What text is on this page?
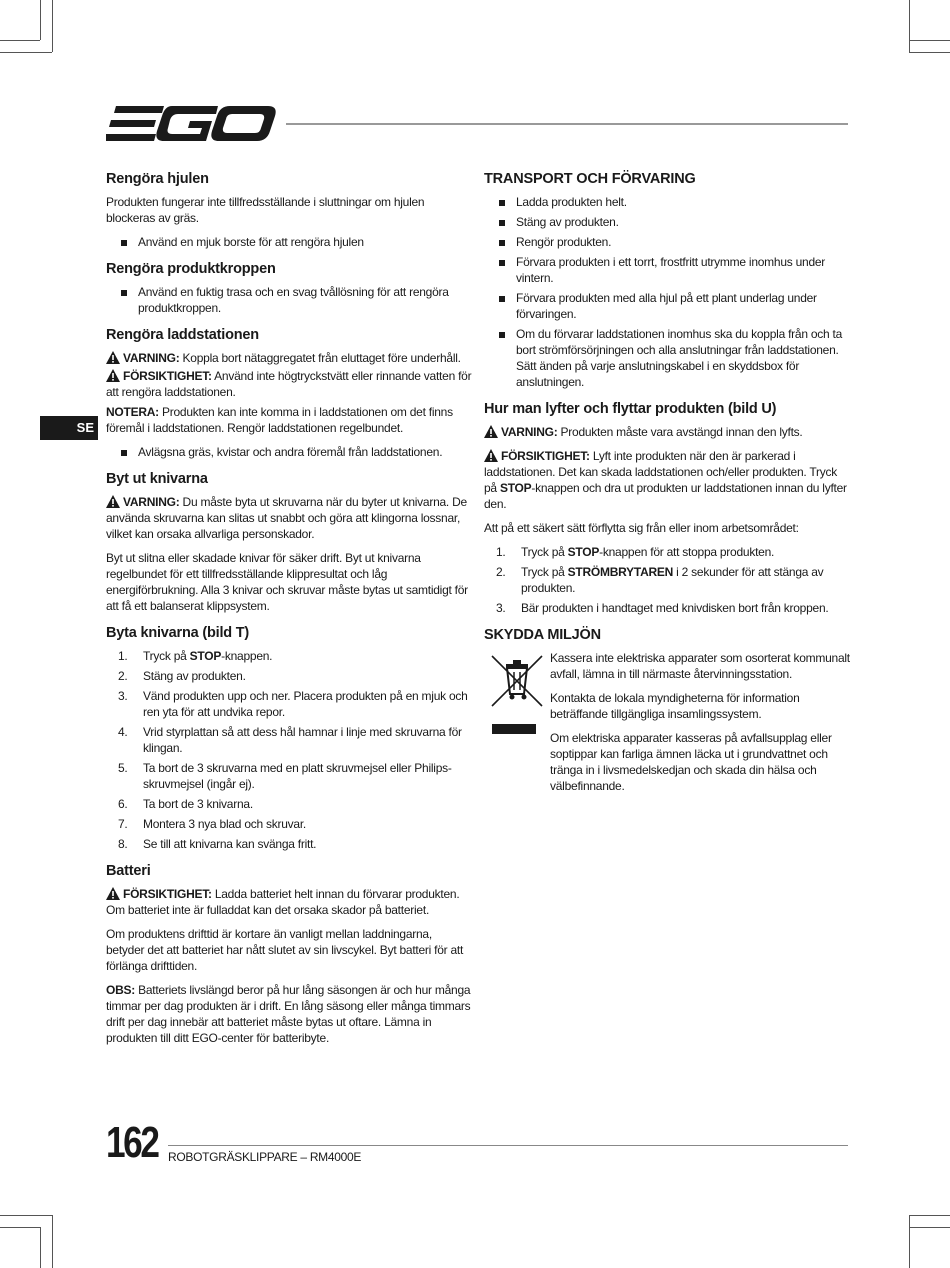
SE
Rengöra hjulen

Produkten fungerar inte tillfredsställande i sluttningar om hjulen blockeras av gräs.

Använd en mjuk borste för att rengöra hjulen
Rengöra produktkroppen
Använd en fuktig trasa och en svag tvållösning för att rengöra produktkroppen.
Rengöra laddstationen

VARNING: Koppla bort nätaggregatet från eluttaget före underhåll.

FÖRSIKTIGHET: Använd inte högtryckstvätt eller rinnande vatten för att rengöra laddstationen.

NOTERA: Produkten kan inte komma in i laddstationen om det finns föremål i laddstationen. Rengör laddstationen regelbundet.

Avlägsna gräs, kvistar och andra föremål från laddstationen.
Byt ut knivarna

VARNING: Du måste byta ut skruvarna när du byter ut knivarna. De använda skruvarna kan slitas ut snabbt och göra att klingorna lossnar, vilket kan orsaka allvarliga personskador.

Byt ut slitna eller skadade knivar för säker drift. Byt ut knivarna regelbundet för ett tillfredsställande klippresultat och låg energiförbrukning. Alla 3 knivar och skruvar måste bytas ut samtidigt för att få ett balanserat klippsystem.

Byta knivarna (bild T)
1. Tryck på STOP-knappen.
2. Stäng av produkten.
3. Vänd produkten upp och ner. Placera produkten på en mjuk och ren yta för att undvika repor.
4. Vrid styrplattan så att dess hål hamnar i linje med skruvarna för klingan.
5. Ta bort de 3 skruvarna med en platt skruvmejsel eller Philips-skruvmejsel (ingår ej).
6. Ta bort de 3 knivarna.
7. Montera 3 nya blad och skruvar.
8. Se till att knivarna kan svänga fritt.
Batteri

FÖRSIKTIGHET: Ladda batteriet helt innan du förvarar produkten. Om batteriet inte är fulladdat kan det orsaka skador på batteriet.

Om produktens drifttid är kortare än vanligt mellan laddningarna, betyder det att batteriet har nått slutet av sin livscykel. Byt batteri för att förlänga drifttiden.

OBS: Batteriets livslängd beror på hur lång säsongen är och hur många timmar per dag produkten är i drift. En lång säsong eller många timmars drift per dag innebär att batteriet måste bytas ut oftare. Lämna in produkten till ditt EGO-center för batteribyte.

TRANSPORT OCH FÖRVARING
Ladda produkten helt.
Stäng av produkten.
Rengör produkten.
Förvara produkten i ett torrt, frostfritt utrymme inomhus under vintern.
Förvara produkten med alla hjul på ett plant underlag under förvaringen.
Om du förvarar laddstationen inomhus ska du koppla från och ta bort strömförsörjningen och alla anslutningar från laddstationen. Sätt änden på varje anslutningskabel i en skyddsbox för anslutningen.
Hur man lyfter och flyttar produkten (bild U)

VARNING: Produkten måste vara avstängd innan den lyfts.

FÖRSIKTIGHET: Lyft inte produkten när den är parkerad i laddstationen. Det kan skada laddstationen och/eller produkten. Tryck på STOP-knappen och dra ut produkten ur laddstationen innan du lyfter den.

Att på ett säkert sätt förflytta sig från eller inom arbetsområdet:

1. Tryck på STOP-knappen för att stoppa produkten.
2. Tryck på STRÖMBRYTAREN i 2 sekunder för att stänga av produkten.
3. Bär produkten i handtaget med knivdisken bort från kroppen.
SKYDDA MILJÖN

Kassera inte elektriska apparater som osorterat kommunalt avfall, lämna in till närmaste återvinningsstation.

Kontakta de lokala myndigheterna för information beträffande tillgängliga insamlingssystem.

Om elektriska apparater kasseras på avfallsupplag eller soptippar kan farliga ämnen läcka ut i grundvattnet och tränga in i livsmedelskedjan och skada din hälsa och välbefinnande.

162 ROBOTGRÄSKLIPPARE – RM4000E
